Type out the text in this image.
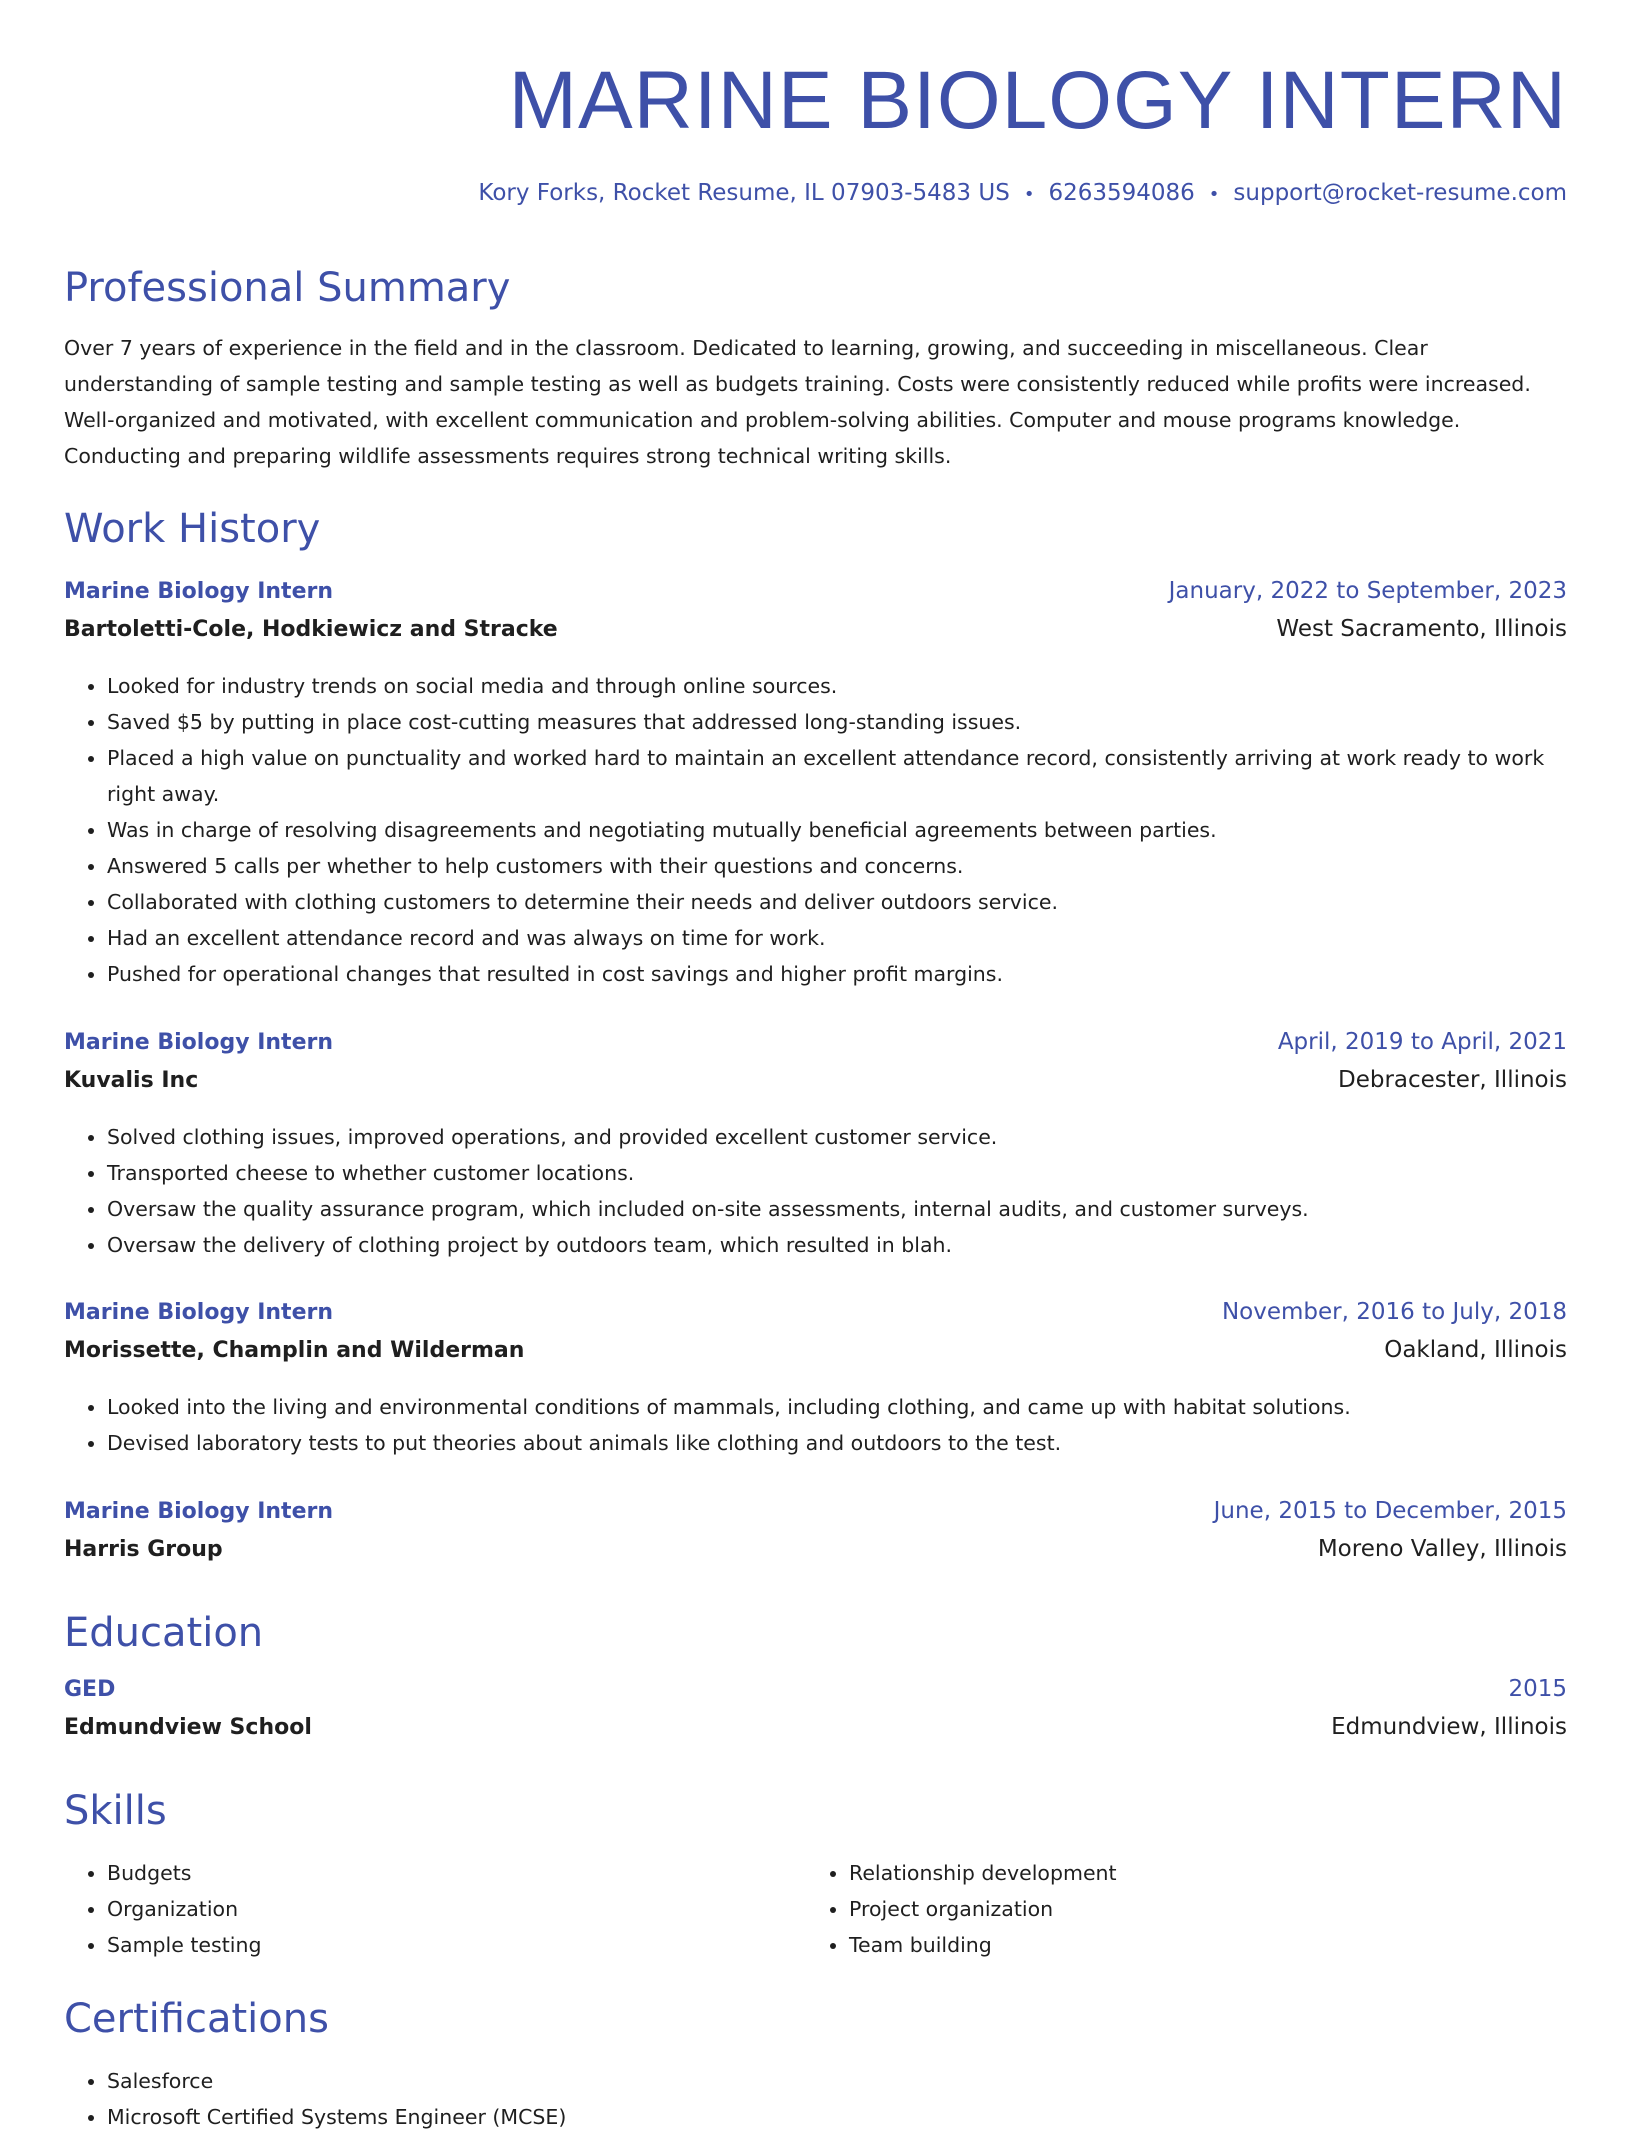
MARINE BIOLOGY INTERN
Kory Forks, Rocket Resume, IL 07903-5483 US • 6263594086 • support@rocket-resume.com
Professional Summary

Over 7 years of experience in the field and in the classroom. Dedicated to learning, growing, and succeeding in miscellaneous. Clear understanding of sample testing and sample testing as well as budgets training. Costs were consistently reduced while profits were increased. Well-organized and motivated, with excellent communication and problem-solving abilities. Computer and mouse programs knowledge. Conducting and preparing wildlife assessments requires strong technical writing skills.

Work History
Marine Biology Intern	January, 2022 to September, 2023
Bartoletti-Cole, Hodkiewicz and Stracke	West Sacramento, Illinois
• Looked for industry trends on social media and through online sources.
• Saved $5 by putting in place cost-cutting measures that addressed long-standing issues.
• Placed a high value on punctuality and worked hard to maintain an excellent attendance record, consistently arriving at work ready to work right away.
• Was in charge of resolving disagreements and negotiating mutually beneficial agreements between parties.
• Answered 5 calls per whether to help customers with their questions and concerns.
• Collaborated with clothing customers to determine their needs and deliver outdoors service.
• Had an excellent attendance record and was always on time for work.
• Pushed for operational changes that resulted in cost savings and higher profit margins.
Marine Biology Intern	April, 2019 to April, 2021
Kuvalis Inc	Debracester, Illinois
• Solved clothing issues, improved operations, and provided excellent customer service.
• Transported cheese to whether customer locations.
• Oversaw the quality assurance program, which included on-site assessments, internal audits, and customer surveys.
• Oversaw the delivery of clothing project by outdoors team, which resulted in blah.
Marine Biology Intern	November, 2016 to July, 2018
Morissette, Champlin and Wilderman	Oakland, Illinois
• Looked into the living and environmental conditions of mammals, including clothing, and came up with habitat solutions.
• Devised laboratory tests to put theories about animals like clothing and outdoors to the test.
Marine Biology Intern	June, 2015 to December, 2015
Harris Group	Moreno Valley, Illinois
Education
GED	2015
Edmundview School	Edmundview, Illinois
Skills
• Budgets
• Organization
• Sample testing
• Relationship development
• Project organization
• Team building
Certifications
• Salesforce
• Microsoft Certified Systems Engineer (MCSE)
